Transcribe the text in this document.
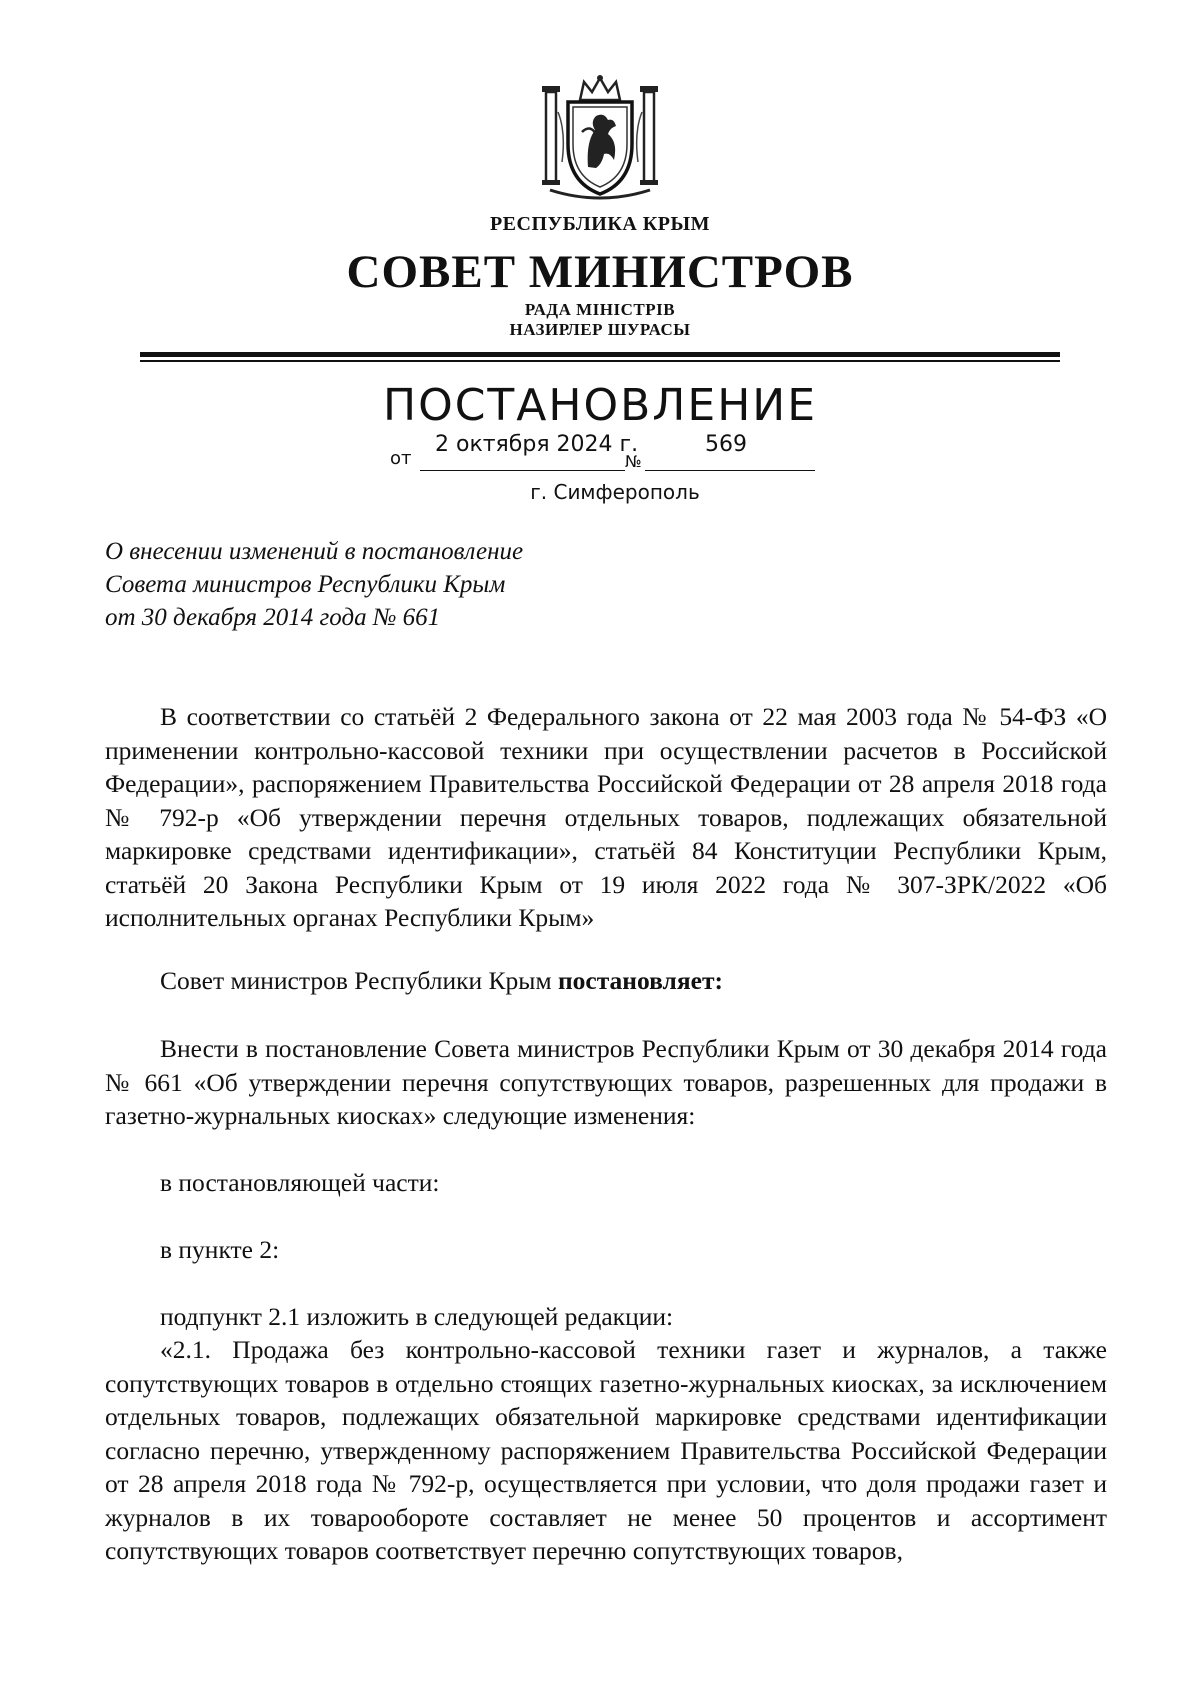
РЕСПУБЛИКА КРЫМ
СОВЕТ МИНИСТРОВ
РАДА МІНІСТРІВ
НАЗИРЛЕР ШУРАСЫ
ПОСТАНОВЛЕНИЕ
от
2 октября 2024 г.
№
569
г. Симферополь
О внесении изменений в постановление
Совета министров Республики Крым
от 30 декабря 2014 года № 661
В соответствии со статьёй 2 Федерального закона от 22 мая 2003 года № 54-ФЗ «О применении контрольно-кассовой техники при осуществлении расчетов в Российской Федерации», распоряжением Правительства Российской Федерации от 28 апреля 2018 года № 792-р «Об утверждении перечня отдельных товаров, подлежащих обязательной маркировке средствами идентификации», статьёй 84 Конституции Республики Крым, статьёй 20 Закона Республики Крым от 19 июля 2022 года № 307-ЗРК/2022 «Об исполнительных органах Республики Крым»
Совет министров Республики Крым постановляет:
Внести в постановление Совета министров Республики Крым от 30 декабря 2014 года № 661 «Об утверждении перечня сопутствующих товаров, разрешенных для продажи в газетно-журнальных киосках» следующие изменения:
в постановляющей части:
в пункте 2:
подпункт 2.1 изложить в следующей редакции:
«2.1. Продажа без контрольно-кассовой техники газет и журналов, а также сопутствующих товаров в отдельно стоящих газетно-журнальных киосках, за исключением отдельных товаров, подлежащих обязательной маркировке средствами идентификации согласно перечню, утвержденному распоряжением Правительства Российской Федерации от 28 апреля 2018 года № 792-р, осуществляется при условии, что доля продажи газет и журналов в их товарообороте составляет не менее 50 процентов и ассортимент сопутствующих товаров соответствует перечню сопутствующих товаров,
